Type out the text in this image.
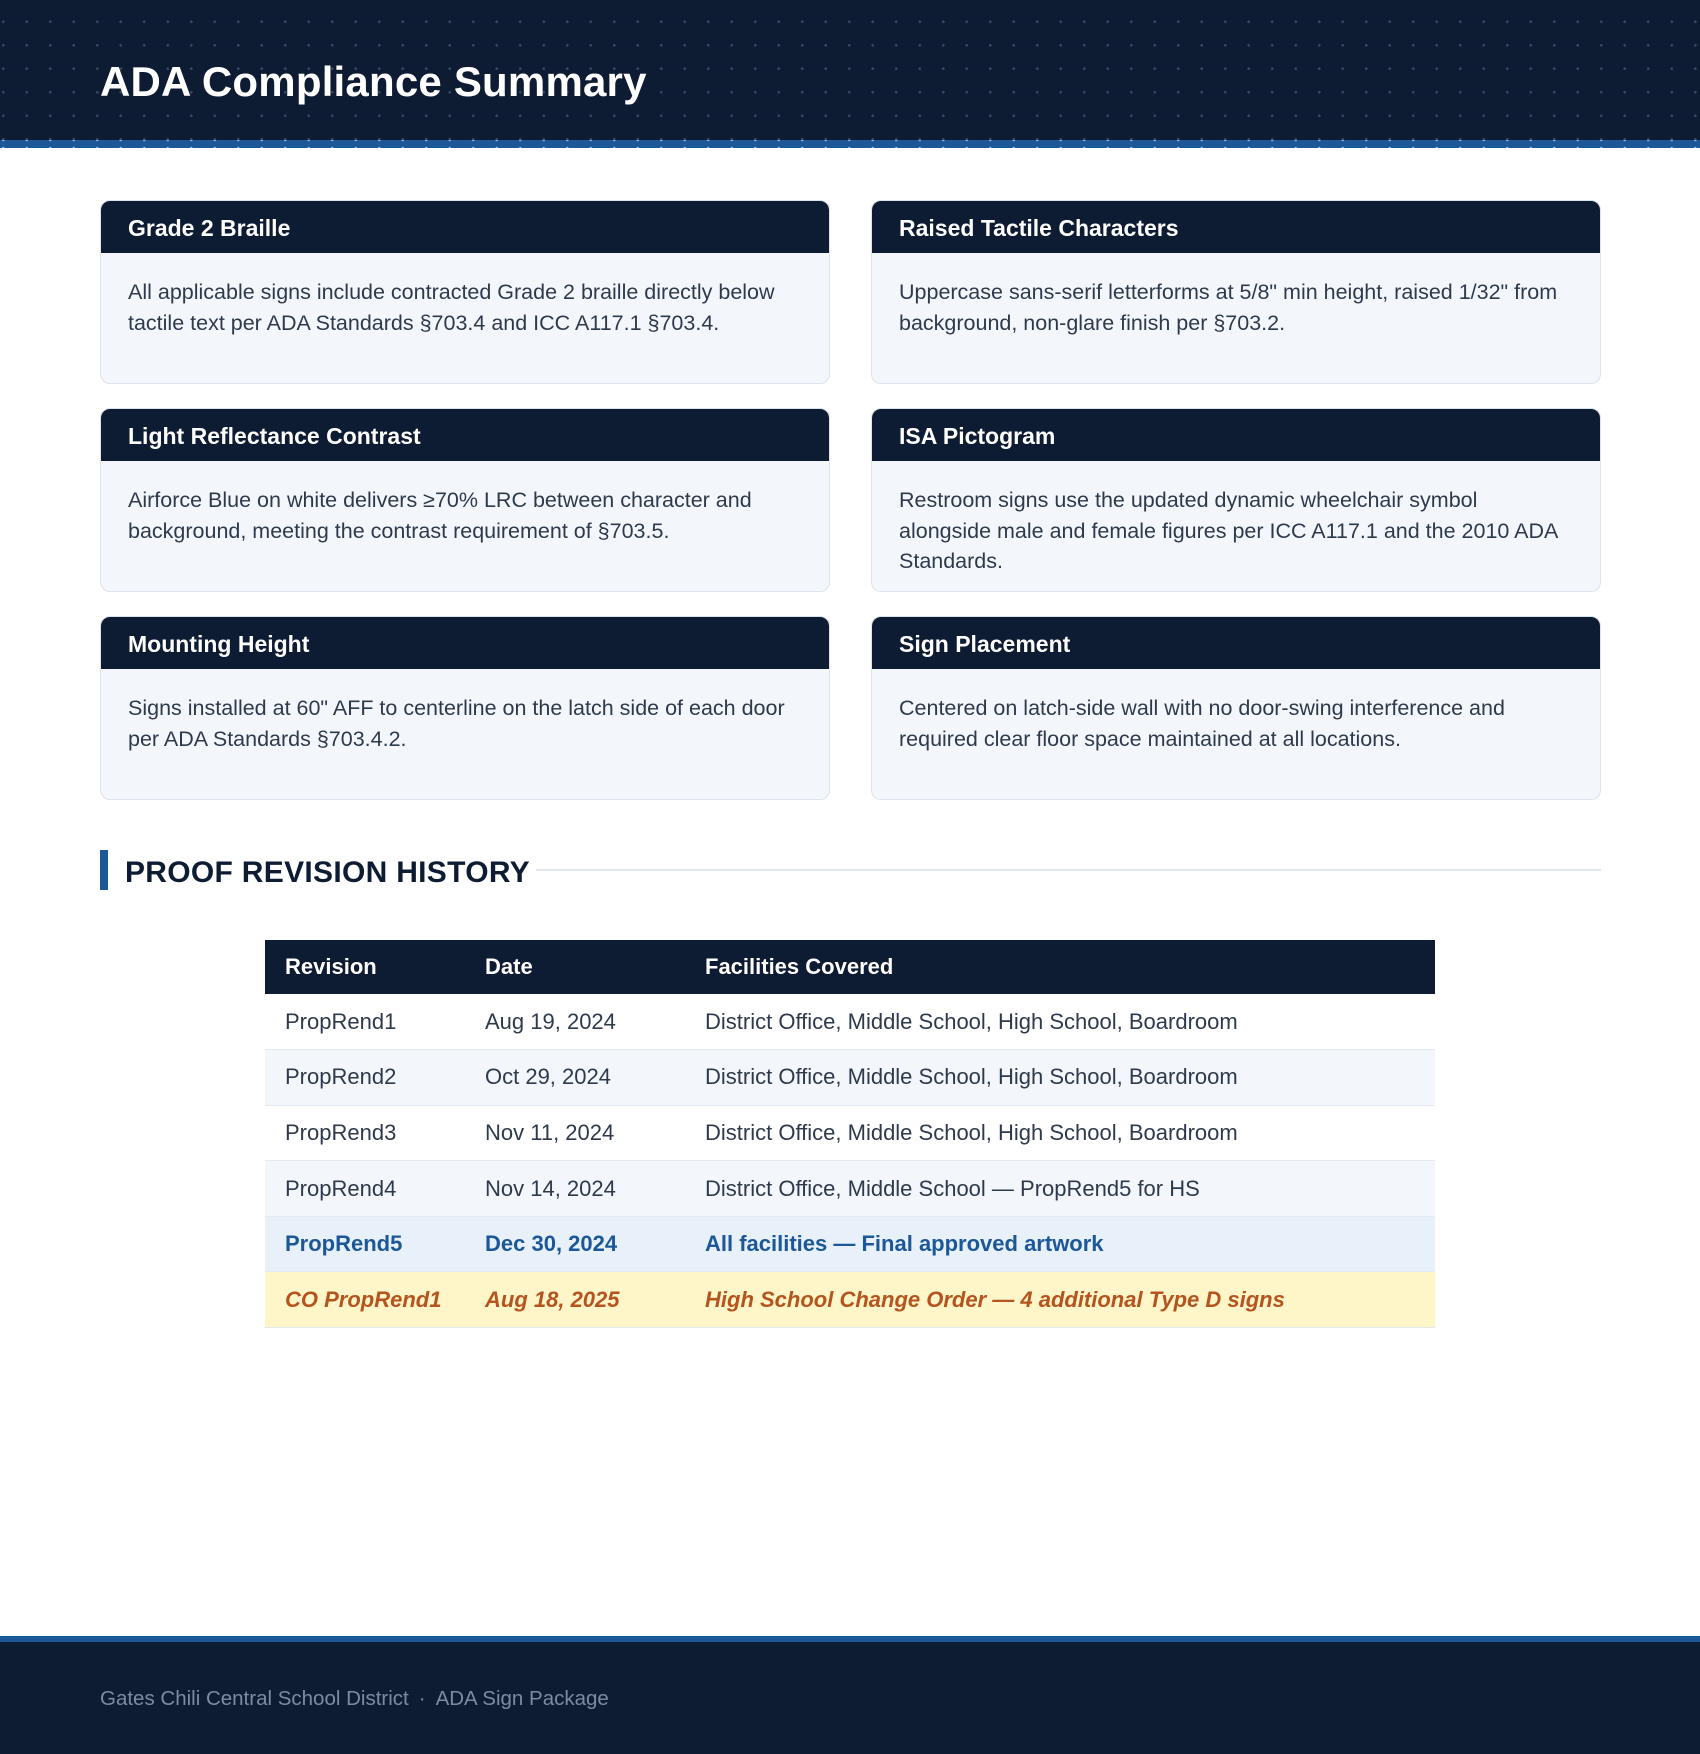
ADA Compliance Summary
Grade 2 Braille
All applicable signs include contracted Grade 2 braille directly below tactile text per ADA Standards §703.4 and ICC A117.1 §703.4.
Raised Tactile Characters
Uppercase sans-serif letterforms at 5/8" min height, raised 1/32" from background, non-glare finish per §703.2.
Light Reflectance Contrast
Airforce Blue on white delivers ≥70% LRC between character and background, meeting the contrast requirement of §703.5.
ISA Pictogram
Restroom signs use the updated dynamic wheelchair symbol alongside male and female figures per ICC A117.1 and the 2010 ADA Standards.
Mounting Height
Signs installed at 60" AFF to centerline on the latch side of each door per ADA Standards §703.4.2.
Sign Placement
Centered on latch-side wall with no door-swing interference and required clear floor space maintained at all locations.
PROOF REVISION HISTORY
Revision	Date	Facilities Covered
PropRend1	Aug 19, 2024	District Office, Middle School, High School, Boardroom
PropRend2	Oct 29, 2024	District Office, Middle School, High School, Boardroom
PropRend3	Nov 11, 2024	District Office, Middle School, High School, Boardroom
PropRend4	Nov 14, 2024	District Office, Middle School — PropRend5 for HS
PropRend5	Dec 30, 2024	All facilities — Final approved artwork
CO PropRend1	Aug 18, 2025	High School Change Order — 4 additional Type D signs
Gates Chili Central School District · ADA Sign Package
